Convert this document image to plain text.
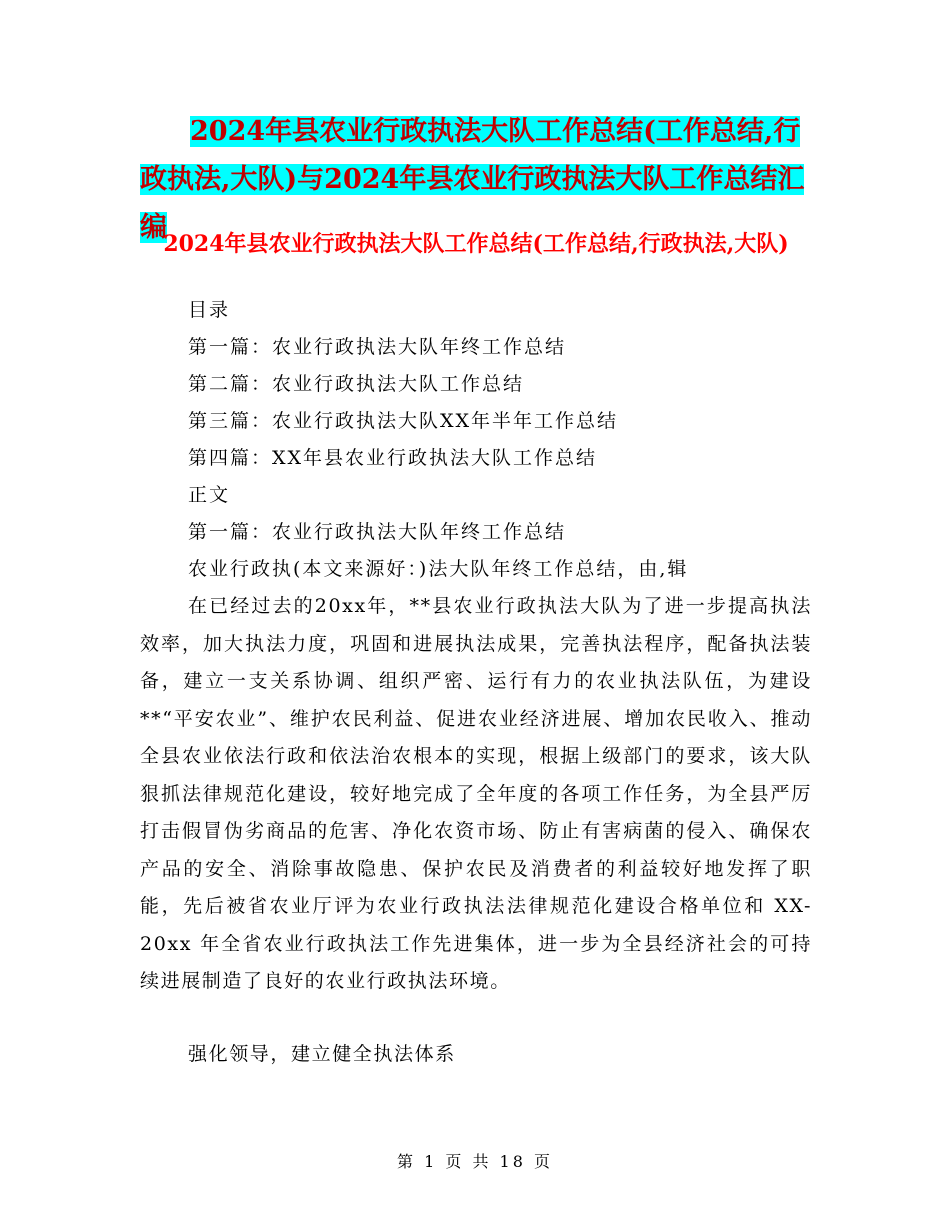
2024年县农业行政执法大队工作总结(工作总结,行政执法,大队)与2024年县农业行政执法大队工作总结汇编
2024年县农业行政执法大队工作总结(工作总结,行政执法,大队)
目录
第一篇：农业行政执法大队年终工作总结
第二篇：农业行政执法大队工作总结
第三篇：农业行政执法大队XX年半年工作总结
第四篇：XX年县农业行政执法大队工作总结
正文
第一篇：农业行政执法大队年终工作总结
农业行政执(本文来源好：)法大队年终工作总结，由,辑
在已经过去的20xx年，**县农业行政执法大队为了进一步提高执法效率，加大执法力度，巩固和进展执法成果，完善执法程序，配备执法装备，建立一支关系协调、组织严密、运行有力的农业执法队伍，为建设**“平安农业”、维护农民利益、促进农业经济进展、增加农民收入、推动全县农业依法行政和依法治农根本的实现，根据上级部门的要求，该大队狠抓法律规范化建设，较好地完成了全年度的各项工作任务，为全县严厉打击假冒伪劣商品的危害、净化农资市场、防止有害病菌的侵入、确保农产品的安全、消除事故隐患、保护农民及消费者的利益较好地发挥了职能，先后被省农业厅评为农业行政执法法律规范化建设合格单位和 XX-20xx 年全省农业行政执法工作先进集体，进一步为全县经济社会的可持续进展制造了良好的农业行政执法环境。
强化领导，建立健全执法体系
第 1 页 共 18 页
